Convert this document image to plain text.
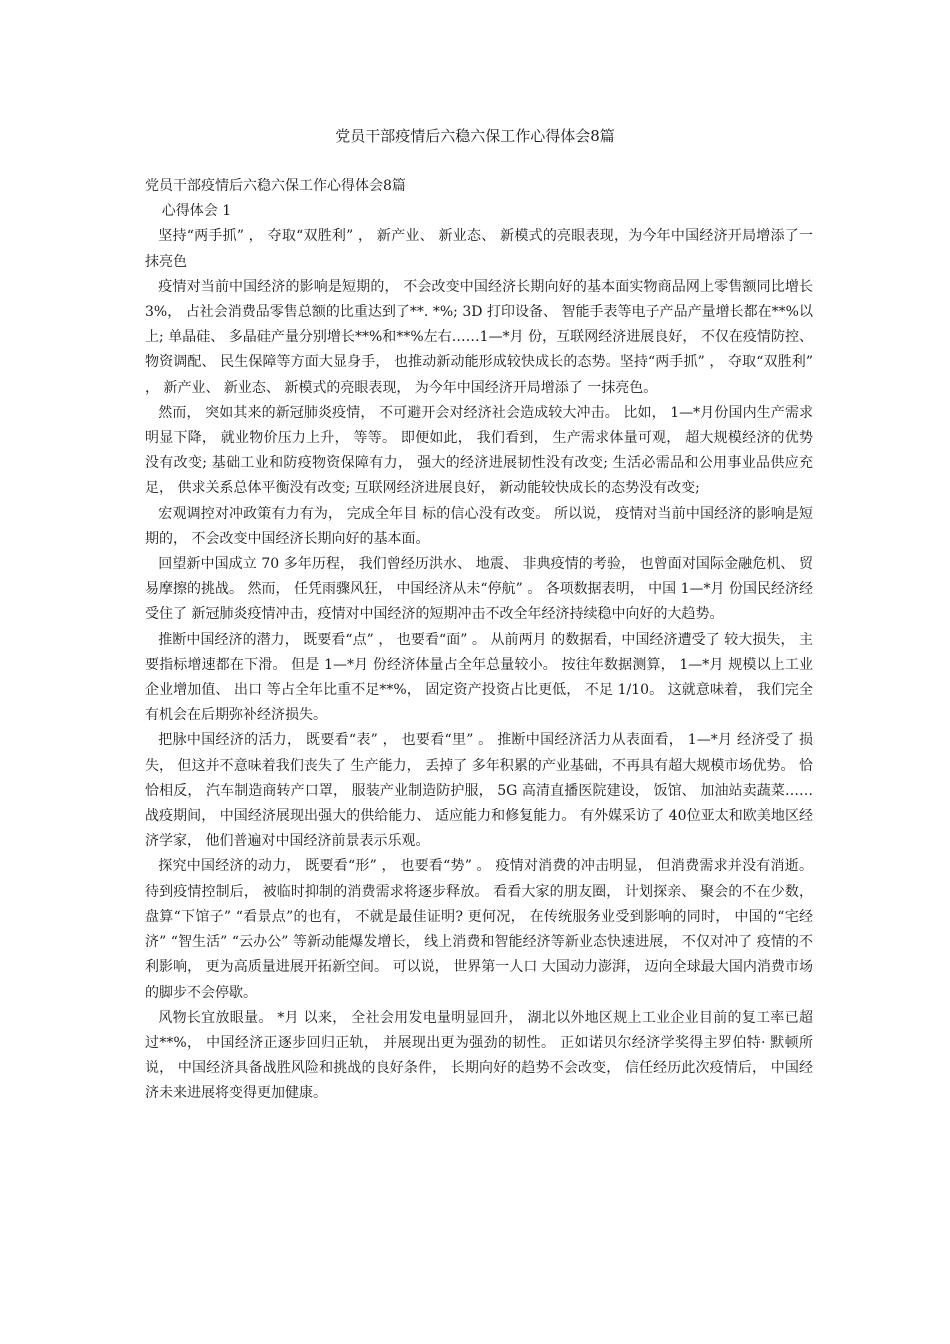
党员干部疫情后六稳六保工作心得体会8篇

党员干部疫情后六稳六保工作心得体会8篇

心得体会 1

坚持“两手抓” ， 夺取“双胜利” ， 新产业、 新业态、 新模式的亮眼表现，为今年中国经济开局增添了一抹亮色

疫情对当前中国经济的影响是短期的， 不会改变中国经济长期向好的基本面实物商品网上零售额同比增长 3%， 占社会消费品零售总额的比重达到了**. *%; 3D 打印设备、 智能手表等电子产品产量增长都在**%以上; 单晶硅、 多晶硅产量分别增长**%和**%左右……1—*月 份，互联网经济进展良好， 不仅在疫情防控、 物资调配、 民生保障等方面大显身手， 也推动新动能形成较快成长的态势。坚持“两手抓” ， 夺取“双胜利” ， 新产业、 新业态、 新模式的亮眼表现， 为今年中国经济开局增添了 一抹亮色。

然而， 突如其来的新冠肺炎疫情， 不可避开会对经济社会造成较大冲击。 比如， 1—*月份国内生产需求明显下降， 就业物价压力上升， 等等。 即便如此， 我们看到， 生产需求体量可观， 超大规模经济的优势没有改变; 基础工业和防疫物资保障有力， 强大的经济进展韧性没有改变; 生活必需品和公用事业品供应充足， 供求关系总体平衡没有改变; 互联网经济进展良好， 新动能较快成长的态势没有改变;

宏观调控对冲政策有力有为， 完成全年目 标的信心没有改变。 所以说， 疫情对当前中国经济的影响是短期的， 不会改变中国经济长期向好的基本面。

回望新中国成立 70 多年历程， 我们曾经历洪水、 地震、 非典疫情的考验， 也曾面对国际金融危机、 贸易摩擦的挑战。 然而， 任凭雨骤风狂， 中国经济从未“停航” 。 各项数据表明， 中国 1—*月 份国民经济经受住了 新冠肺炎疫情冲击，疫情对中国经济的短期冲击不改全年经济持续稳中向好的大趋势。

推断中国经济的潜力， 既要看“点” ， 也要看“面” 。 从前两月 的数据看，中国经济遭受了 较大损失， 主要指标增速都在下滑。 但是 1—*月 份经济体量占全年总量较小。 按往年数据测算， 1—*月 规模以上工业企业增加值、 出口 等占全年比重不足**%， 固定资产投资占比更低， 不足 1/10。 这就意味着， 我们完全有机会在后期弥补经济损失。

把脉中国经济的活力， 既要看“表” ， 也要看“里” 。 推断中国经济活力从表面看， 1—*月 经济受了 损失， 但这并不意味着我们丧失了 生产能力， 丢掉了 多年积累的产业基础，不再具有超大规模市场优势。 恰恰相反， 汽车制造商转产口罩， 服装产业制造防护服， 5G 高清直播医院建设， 饭馆、 加油站卖蔬菜……战疫期间， 中国经济展现出强大的供给能力、 适应能力和修复能力。 有外媒采访了 40位亚太和欧美地区经济学家， 他们普遍对中国经济前景表示乐观。

探究中国经济的动力， 既要看“形” ， 也要看“势” 。 疫情对消费的冲击明显， 但消费需求并没有消逝。 待到疫情控制后， 被临时抑制的消费需求将逐步释放。 看看大家的朋友圈， 计划探亲、 聚会的不在少数， 盘算“下馆子” “看景点”的也有， 不就是最佳证明? 更何况， 在传统服务业受到影响的同时， 中国的“宅经济” “智生活” “云办公” 等新动能爆发增长， 线上消费和智能经济等新业态快速进展， 不仅对冲了 疫情的不利影响， 更为高质量进展开拓新空间。 可以说， 世界第一人口 大国动力澎湃， 迈向全球最大国内消费市场的脚步不会停歇。

风物长宜放眼量。 *月 以来， 全社会用发电量明显回升， 湖北以外地区规上工业企业目前的复工率已超过**%， 中国经济正逐步回归正轨， 并展现出更为强劲的韧性。 正如诺贝尔经济学奖得主罗伯特· 默顿所说， 中国经济具备战胜风险和挑战的良好条件， 长期向好的趋势不会改变， 信任经历此次疫情后， 中国经济未来进展将变得更加健康。
